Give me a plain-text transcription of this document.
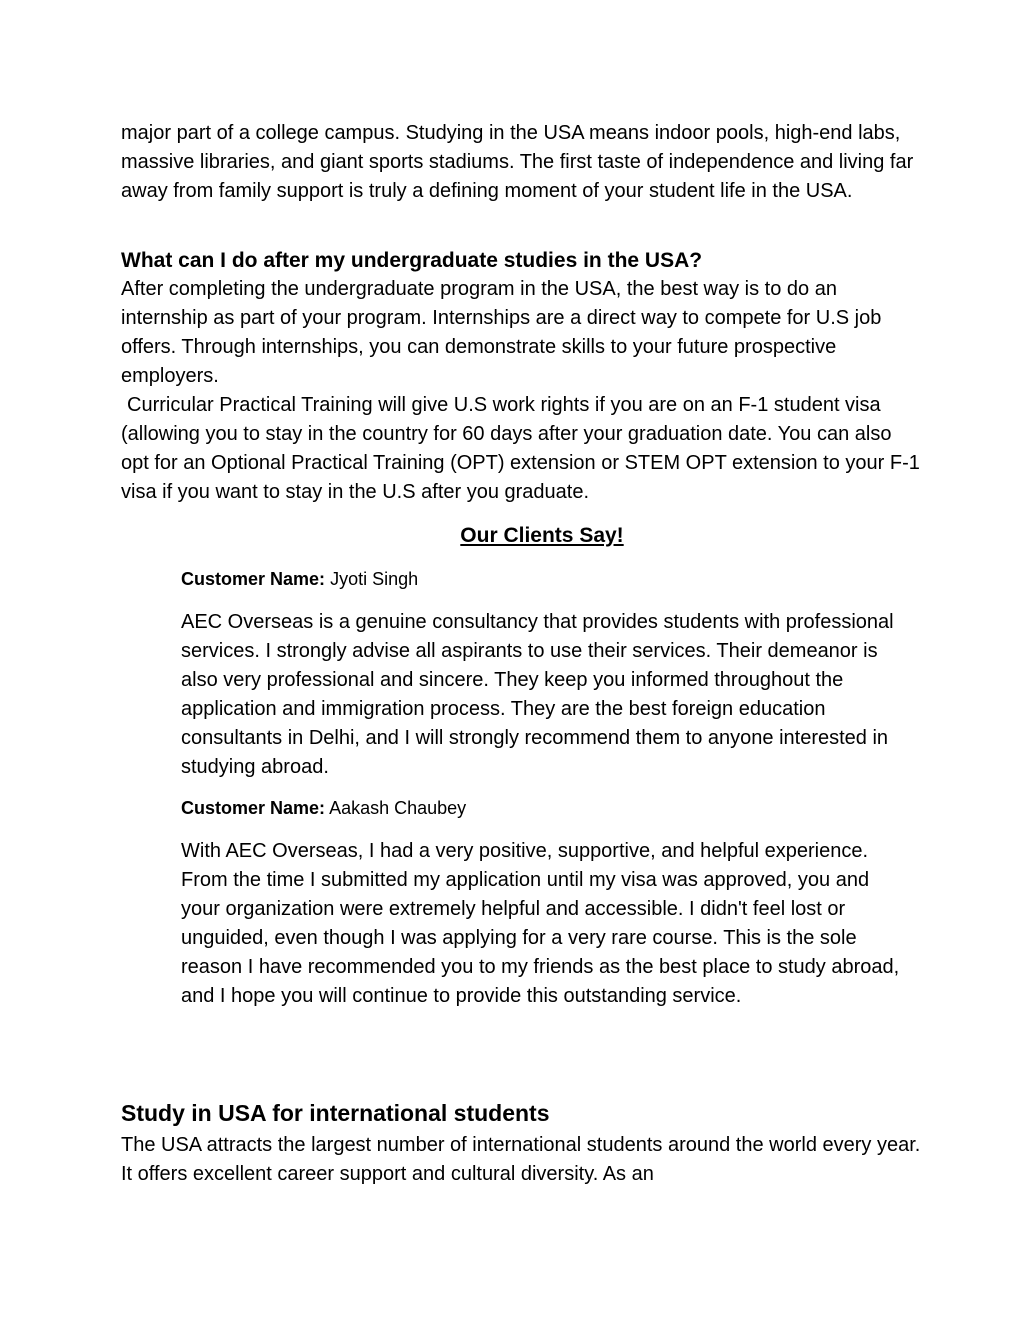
major part of a college campus. Studying in the USA means indoor pools, high-end labs, massive libraries, and giant sports stadiums. The first taste of independence and living far away from family support is truly a defining moment of your student life in the USA.

What can I do after my undergraduate studies in the USA?

After completing the undergraduate program in the USA, the best way is to do an internship as part of your program. Internships are a direct way to compete for U.S job offers. Through internships, you can demonstrate skills to your future prospective employers.

Curricular Practical Training will give U.S work rights if you are on an F-1 student visa (allowing you to stay in the country for 60 days after your graduation date. You can also opt for an Optional Practical Training (OPT) extension or STEM OPT extension to your F-1 visa if you want to stay in the U.S after you graduate.

Our Clients Say!

Customer Name: Jyoti Singh

AEC Overseas is a genuine consultancy that provides students with professional services. I strongly advise all aspirants to use their services. Their demeanor is also very professional and sincere. They keep you informed throughout the application and immigration process. They are the best foreign education consultants in Delhi, and I will strongly recommend them to anyone interested in studying abroad.

Customer Name: Aakash Chaubey

With AEC Overseas, I had a very positive, supportive, and helpful experience. From the time I submitted my application until my visa was approved, you and your organization were extremely helpful and accessible. I didn't feel lost or unguided, even though I was applying for a very rare course. This is the sole reason I have recommended you to my friends as the best place to study abroad, and I hope you will continue to provide this outstanding service.

Study in USA for international students

The USA attracts the largest number of international students around the world every year. It offers excellent career support and cultural diversity. As an
